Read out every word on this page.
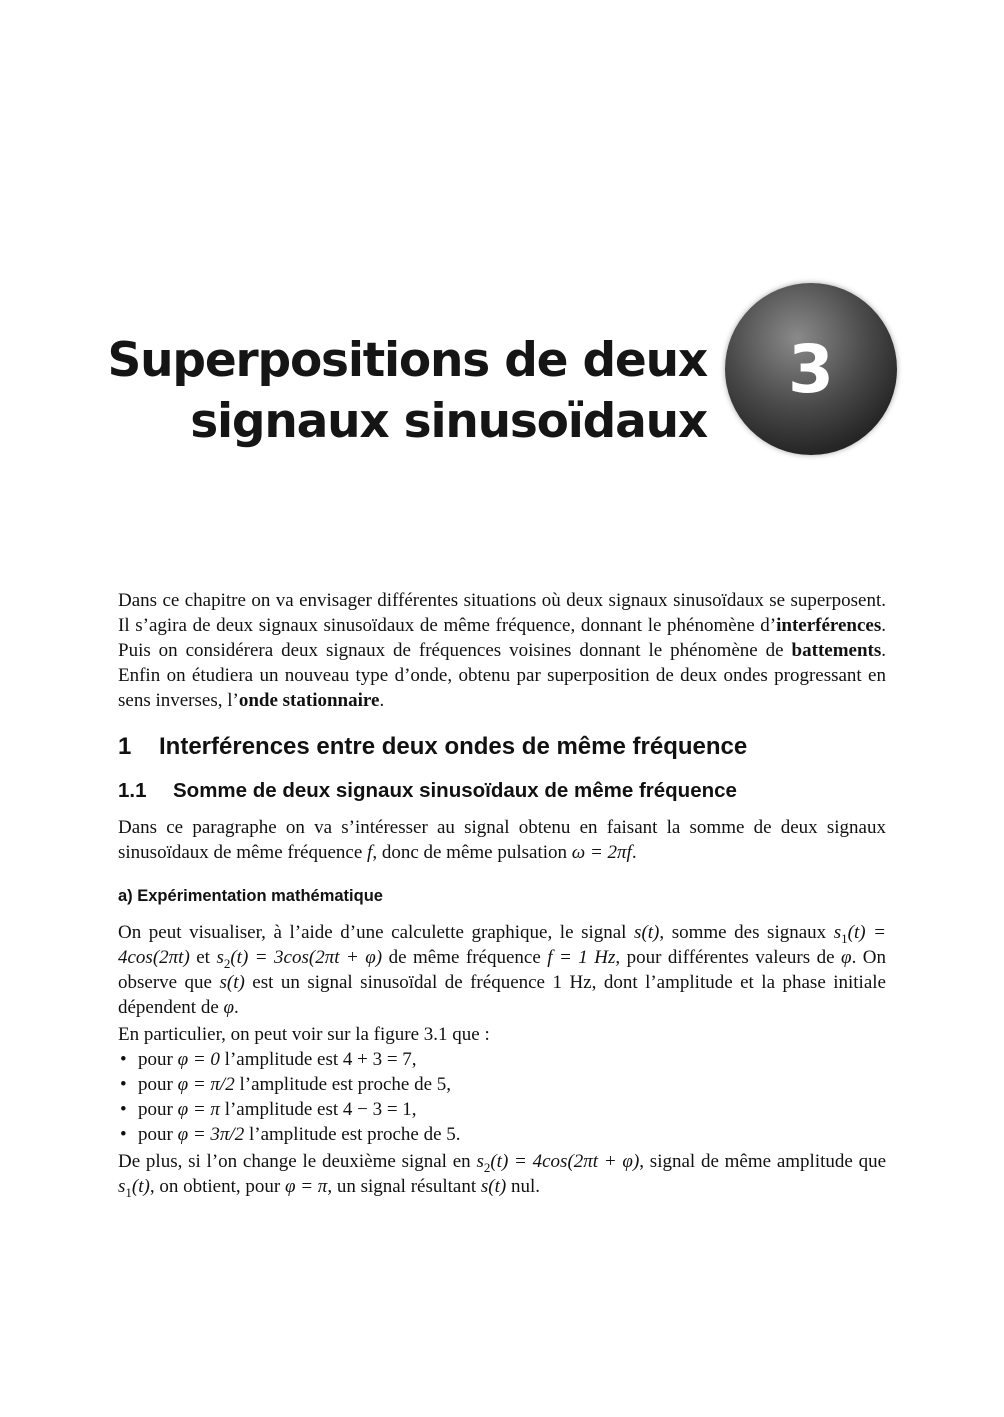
Superpositions de deux
signaux sinusoïdaux
3

Dans ce chapitre on va envisager différentes situations où deux signaux sinusoïdaux se superposent. Il s’agira de deux signaux sinusoïdaux de même fréquence, donnant le phénomène d’interférences. Puis on considérera deux signaux de fréquences voisines donnant le phénomène de battements. Enfin on étudiera un nouveau type d’onde, obtenu par superposition de deux ondes progressant en sens inverses, l’onde stationnaire.

1	Interférences entre deux ondes de même fréquence
1.1	Somme de deux signaux sinusoïdaux de même fréquence

Dans ce paragraphe on va s’intéresser au signal obtenu en faisant la somme de deux signaux sinusoïdaux de même fréquence f, donc de même pulsation ω = 2πf.

a) Expérimentation mathématique

On peut visualiser, à l’aide d’une calculette graphique, le signal s(t), somme des signaux $s_1(t) = 4\cos(2\pi t)$ et $s_2(t) = 3\cos(2\pi t + \varphi)$ de même fréquence f = 1 Hz, pour différentes valeurs de φ. On observe que s(t) est un signal sinusoïdal de fréquence 1 Hz, dont l’amplitude et la phase initiale dépendent de φ.

En particulier, on peut voir sur la figure 3.1 que :

• pour φ = 0 l’amplitude est 4 + 3 = 7,
• pour φ = π/2 l’amplitude est proche de 5,
• pour φ = π l’amplitude est 4 − 3 = 1,
• pour φ = 3π/2 l’amplitude est proche de 5.

De plus, si l’on change le deuxième signal en $s_2(t) = 4\cos(2\pi t + \varphi)$, signal de même amplitude que $s_1(t)$, on obtient, pour φ = π, un signal résultant s(t) nul.
